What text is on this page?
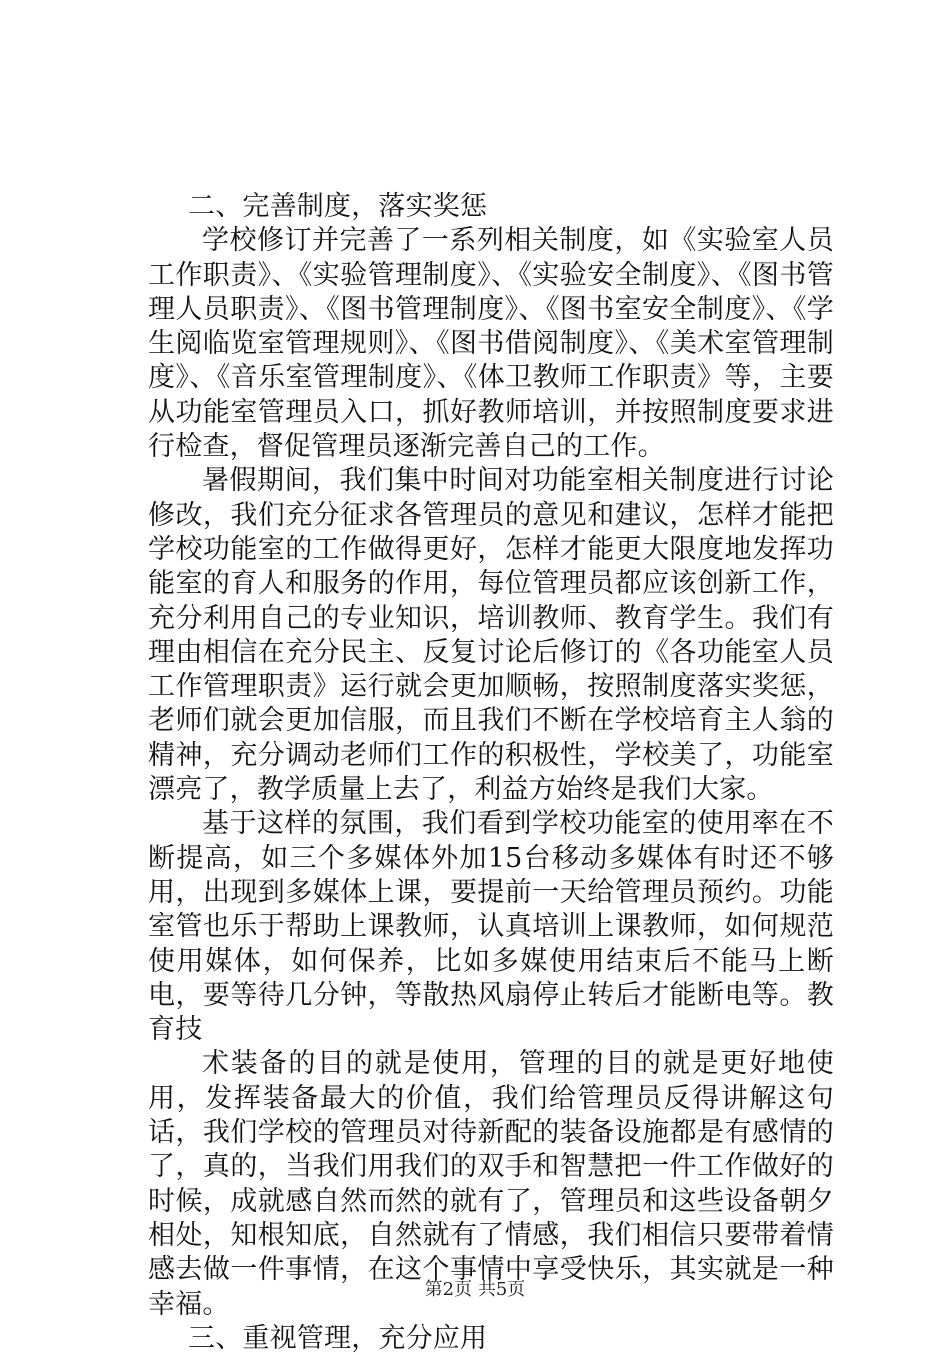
二、完善制度，落实奖惩

学校修订并完善了一系列相关制度，如《实验室人员工作职责》、《实验管理制度》、《实验安全制度》、《图书管理人员职责》、《图书管理制度》、《图书室安全制度》、《学生阅临览室管理规则》、《图书借阅制度》、《美术室管理制度》、《音乐室管理制度》、《体卫教师工作职责》等，主要从功能室管理员入口，抓好教师培训，并按照制度要求进行检查，督促管理员逐渐完善自己的工作。

暑假期间，我们集中时间对功能室相关制度进行讨论修改，我们充分征求各管理员的意见和建议，怎样才能把学校功能室的工作做得更好，怎样才能更大限度地发挥功能室的育人和服务的作用，每位管理员都应该创新工作，充分利用自己的专业知识，培训教师、教育学生。我们有理由相信在充分民主、反复讨论后修订的《各功能室人员工作管理职责》运行就会更加顺畅，按照制度落实奖惩，老师们就会更加信服，而且我们不断在学校培育主人翁的精神，充分调动老师们工作的积极性，学校美了，功能室漂亮了，教学质量上去了，利益方始终是我们大家。

基于这样的氛围，我们看到学校功能室的使用率在不断提高，如三个多媒体外加15台移动多媒体有时还不够用，出现到多媒体上课，要提前一天给管理员预约。功能室管也乐于帮助上课教师，认真培训上课教师，如何规范使用媒体，如何保养，比如多媒使用结束后不能马上断电，要等待几分钟，等散热风扇停止转后才能断电等。教育技

术装备的目的就是使用，管理的目的就是更好地使用，发挥装备最大的价值，我们给管理员反得讲解这句话，我们学校的管理员对待新配的装备设施都是有感情的了，真的，当我们用我们的双手和智慧把一件工作做好的时候，成就感自然而然的就有了，管理员和这些设备朝夕相处，知根知底，自然就有了情感，我们相信只要带着情感去做一件事情，在这个事情中享受快乐，其实就是一种幸福。

三、重视管理，充分应用

第2页 共5页
